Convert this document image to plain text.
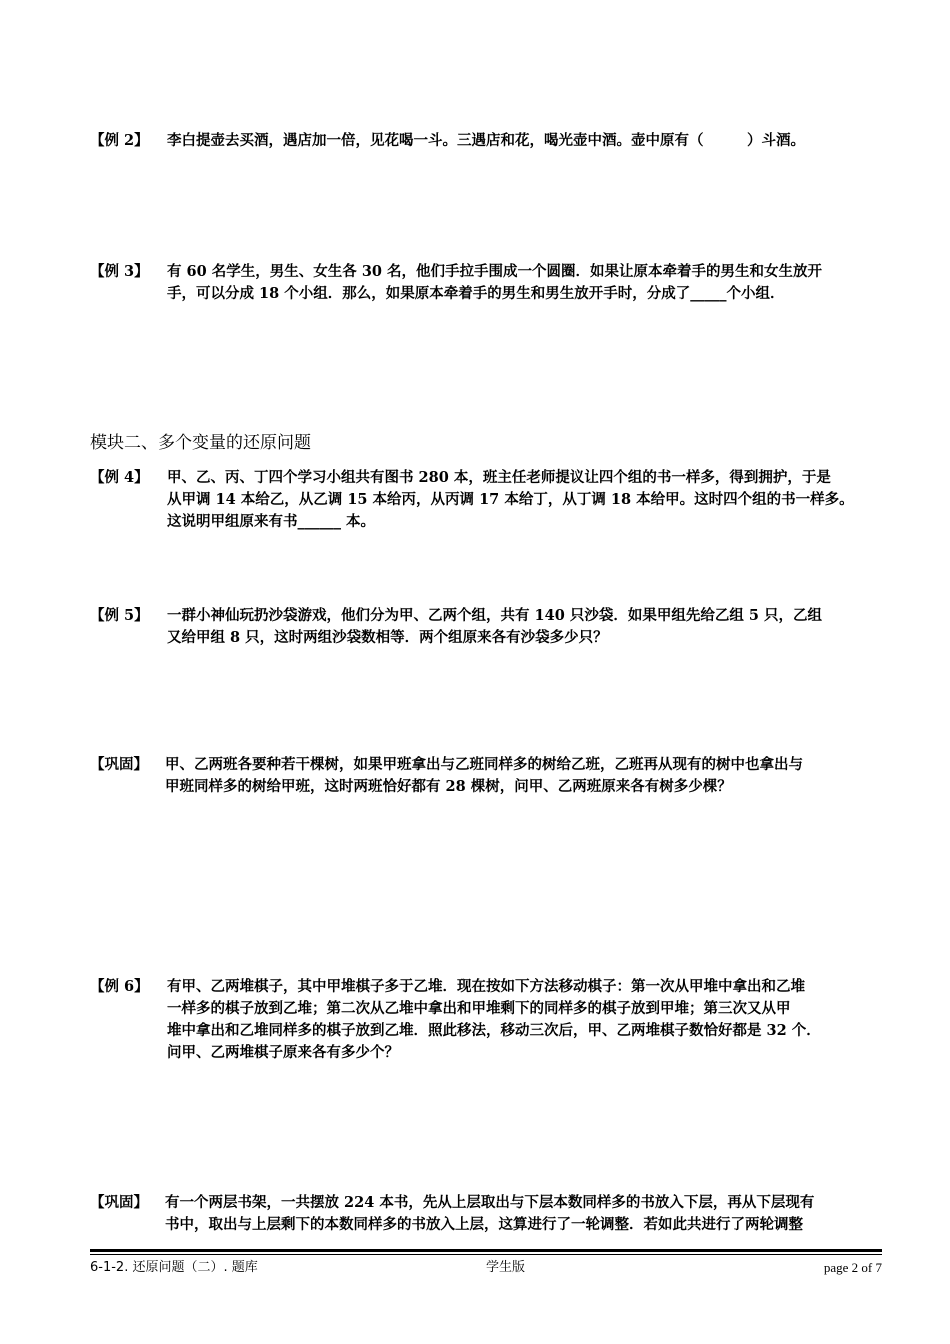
【例 2】 李白提壶去买酒，遇店加一倍，见花喝一斗。三遇店和花，喝光壶中酒。壶中原有（　　　）斗酒。
【例 3】 有 60 名学生，男生、女生各 30 名，他们手拉手围成一个圆圈．如果让原本牵着手的男生和女生放开
手，可以分成 18 个小组．那么，如果原本牵着手的男生和男生放开手时，分成了_____个小组．
模块二、多个变量的还原问题
【例 4】 甲、乙、丙、丁四个学习小组共有图书 280 本，班主任老师提议让四个组的书一样多，得到拥护，于是
从甲调 14 本给乙，从乙调 15 本给丙，从丙调 17 本给丁，从丁调 18 本给甲。这时四个组的书一样多。
这说明甲组原来有书______ 本。
【例 5】 一群小神仙玩扔沙袋游戏，他们分为甲、乙两个组，共有 140 只沙袋．如果甲组先给乙组 5 只，乙组
又给甲组 8 只，这时两组沙袋数相等．两个组原来各有沙袋多少只？
【巩固】 甲、乙两班各要种若干棵树，如果甲班拿出与乙班同样多的树给乙班，乙班再从现有的树中也拿出与
甲班同样多的树给甲班，这时两班恰好都有 28 棵树，问甲、乙两班原来各有树多少棵？
【例 6】 有甲、乙两堆棋子，其中甲堆棋子多于乙堆．现在按如下方法移动棋子：第一次从甲堆中拿出和乙堆
一样多的棋子放到乙堆；第二次从乙堆中拿出和甲堆剩下的同样多的棋子放到甲堆；第三次又从甲
堆中拿出和乙堆同样多的棋子放到乙堆．照此移法，移动三次后，甲、乙两堆棋子数恰好都是 32 个．
问甲、乙两堆棋子原来各有多少个？
【巩固】 有一个两层书架，一共摆放 224 本书，先从上层取出与下层本数同样多的书放入下层，再从下层现有
书中，取出与上层剩下的本数同样多的书放入上层，这算进行了一轮调整．若如此共进行了两轮调整
6-1-2. 还原问题（二）. 题库	学生版	page 2 of 7
